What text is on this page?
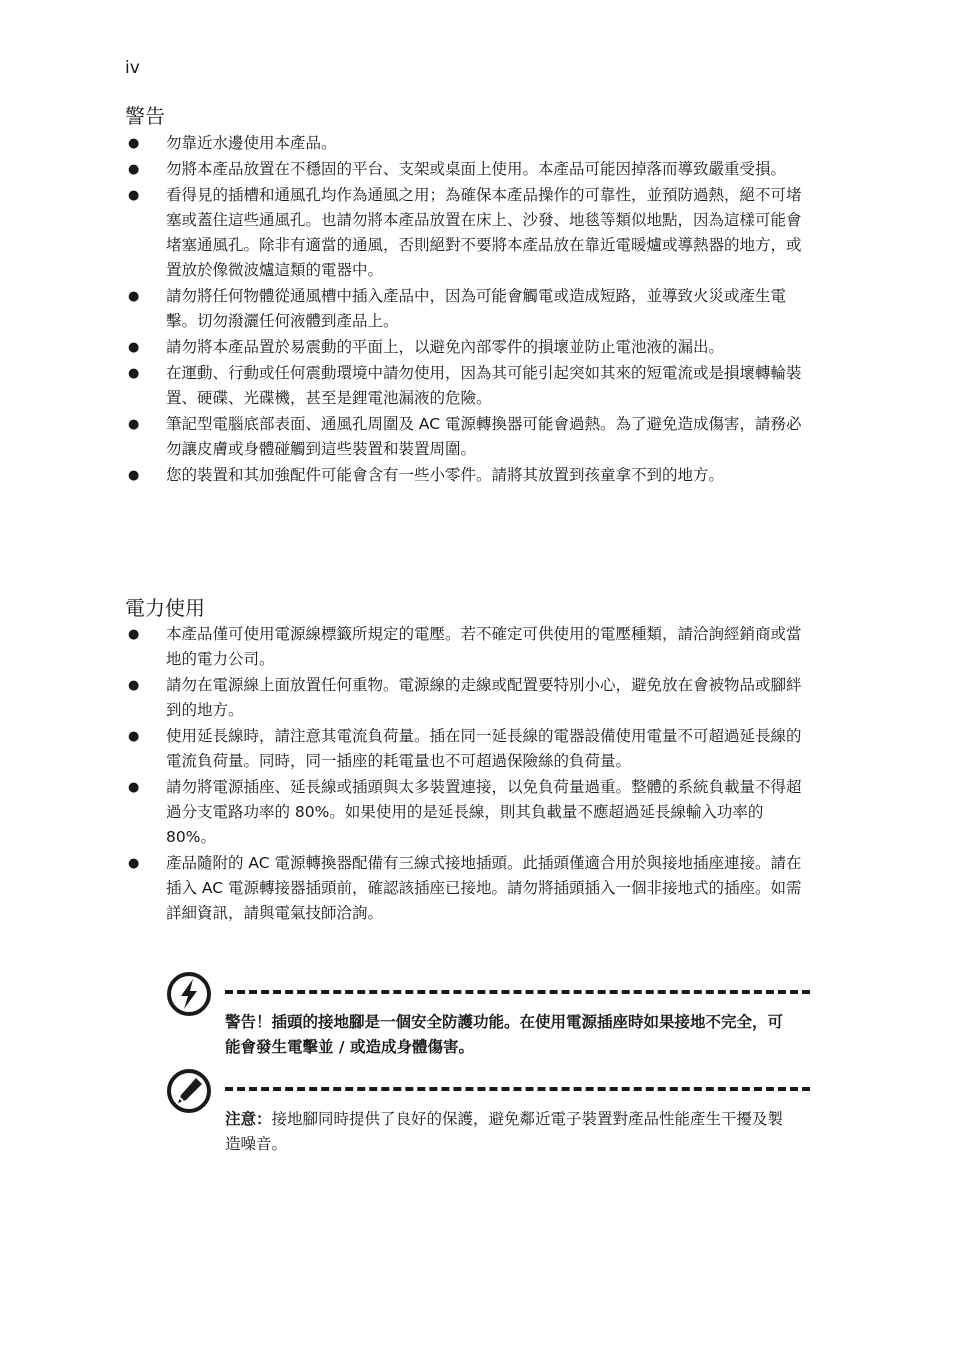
iv
警告
● 勿靠近水邊使用本產品。
● 勿將本產品放置在不穩固的平台、支架或桌面上使用。本產品可能因掉落而導致嚴重受損。
● 看得見的插槽和通風孔均作為通風之用；為確保本產品操作的可靠性，並預防過熱，絕不可堵塞或蓋住這些通風孔。也請勿將本產品放置在床上、沙發、地毯等類似地點，因為這樣可能會堵塞通風孔。除非有適當的通風，否則絕對不要將本產品放在靠近電暖爐或導熱器的地方，或置放於像微波爐這類的電器中。
● 請勿將任何物體從通風槽中插入產品中，因為可能會觸電或造成短路，並導致火災或產生電擊。切勿潑灑任何液體到產品上。
● 請勿將本產品置於易震動的平面上，以避免內部零件的損壞並防止電池液的漏出。
● 在運動、行動或任何震動環境中請勿使用，因為其可能引起突如其來的短電流或是損壞轉輪裝置、硬碟、光碟機，甚至是鋰電池漏液的危險。
● 筆記型電腦底部表面、通風孔周圍及 AC 電源轉換器可能會過熱。為了避免造成傷害，請務必勿讓皮膚或身體碰觸到這些裝置和裝置周圍。
● 您的裝置和其加強配件可能會含有一些小零件。請將其放置到孩童拿不到的地方。
電力使用
● 本產品僅可使用電源線標籤所規定的電壓。若不確定可供使用的電壓種類，請洽詢經銷商或當地的電力公司。
● 請勿在電源線上面放置任何重物。電源線的走線或配置要特別小心，避免放在會被物品或腳絆到的地方。
● 使用延長線時，請注意其電流負荷量。插在同一延長線的電器設備使用電量不可超過延長線的電流負荷量。同時，同一插座的耗電量也不可超過保險絲的負荷量。
● 請勿將電源插座、延長線或插頭與太多裝置連接，以免負荷量過重。整體的系統負載量不得超過分支電路功率的 80%。如果使用的是延長線，則其負載量不應超過延長線輸入功率的 80%。
● 產品隨附的 AC 電源轉換器配備有三線式接地插頭。此插頭僅適合用於與接地插座連接。請在插入 AC 電源轉接器插頭前，確認該插座已接地。請勿將插頭插入一個非接地式的插座。如需詳細資訊，請與電氣技師洽詢。
警告！插頭的接地腳是一個安全防護功能。在使用電源插座時如果接地不完全，可能會發生電擊並 / 或造成身體傷害。
注意：接地腳同時提供了良好的保護，避免鄰近電子裝置對產品性能產生干擾及製造噪音。
